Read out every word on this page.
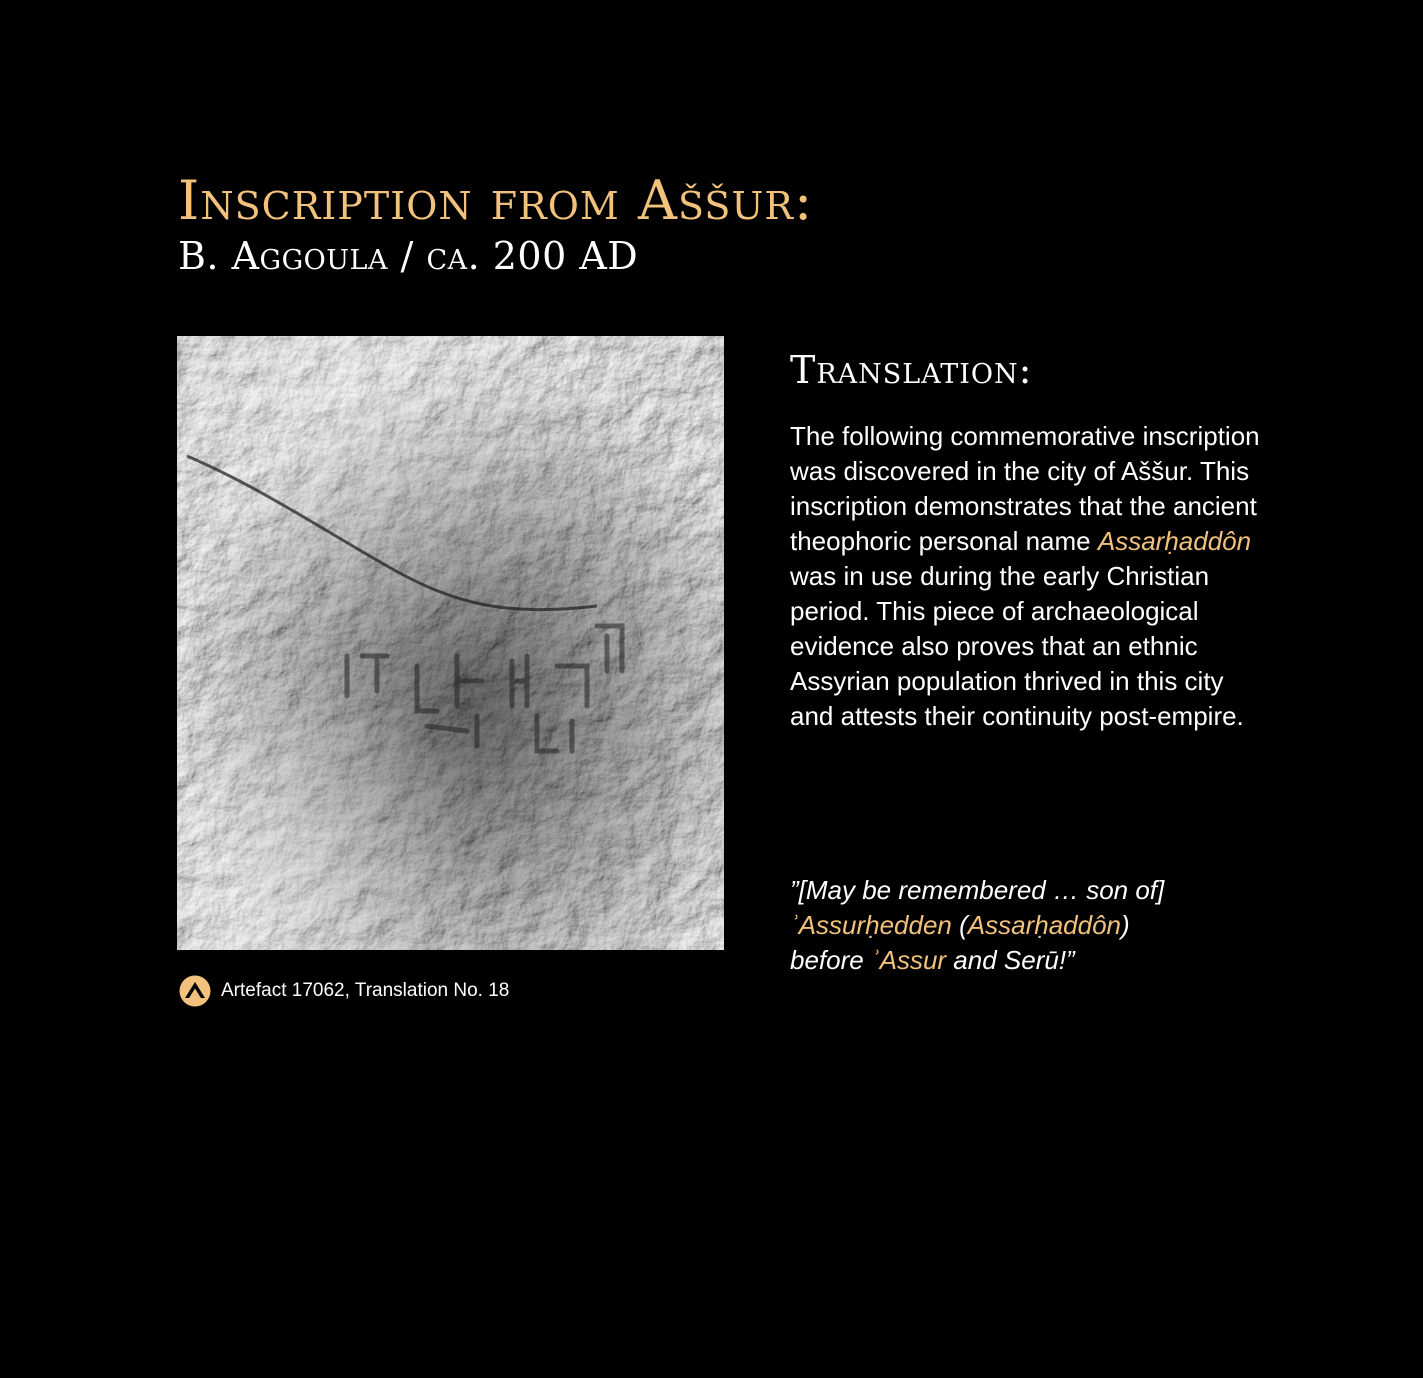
Inscription from Aššur:
B. Aggoula / ca. 200 AD
Artefact 17062, Translation No. 18
Translation:

The following commemorative inscription was discovered in the city of Aššur. This inscription demonstrates that the ancient theophoric personal name Assarḥaddôn was in use during the early Christian period. This piece of archaeological evidence also proves that an ethnic Assyrian population thrived in this city and attests their continuity post-empire.

”[May be remembered … son of]
ʾAssurḥedden (Assarḥaddôn)
before ʾAssur and Serū!”
